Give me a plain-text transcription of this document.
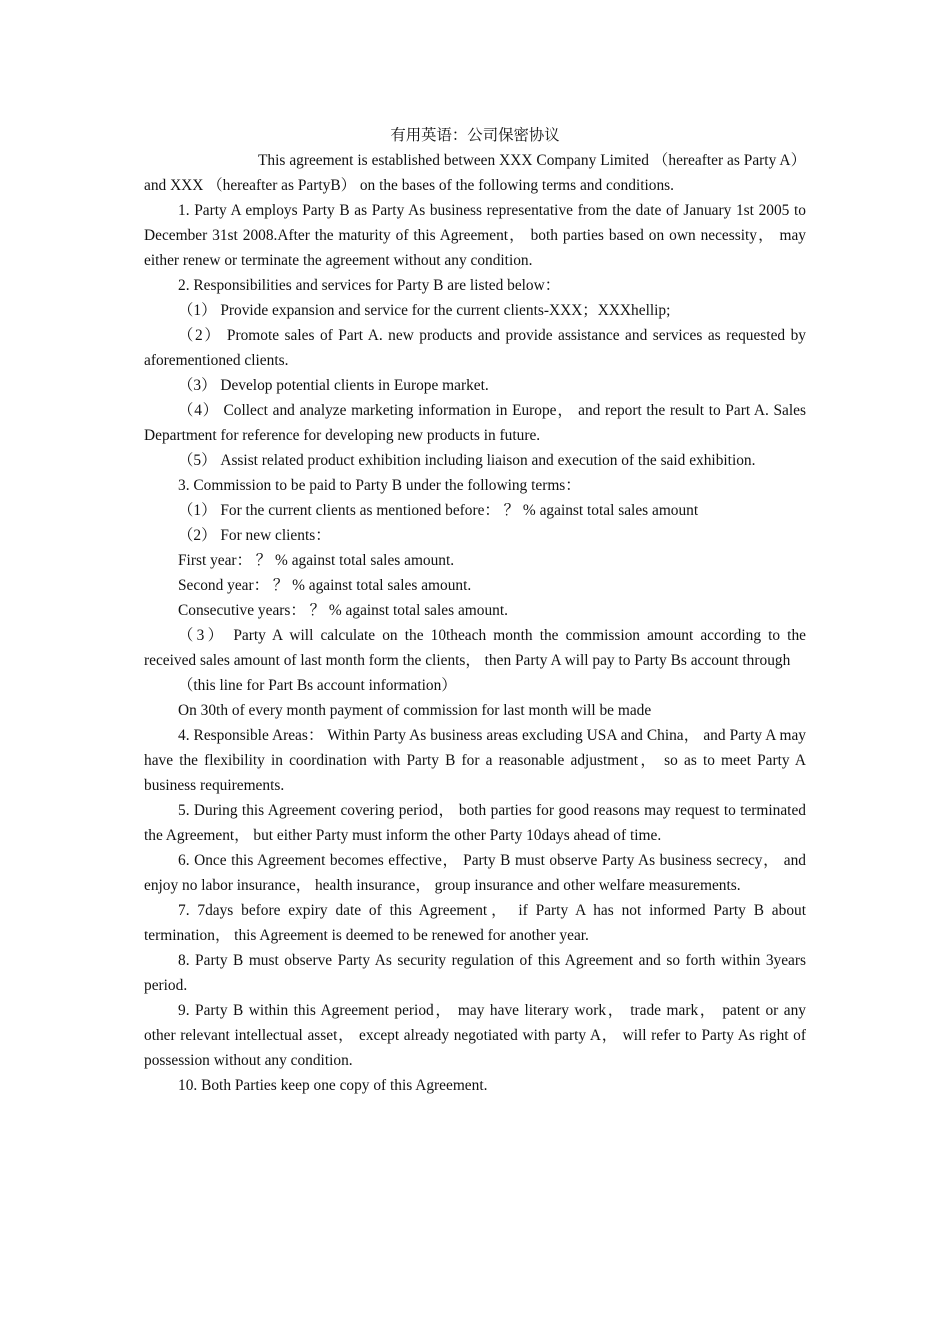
有用英语：公司保密协议

This agreement is established between XXX Company Limited （hereafter as Party A） and XXX （hereafter as PartyB） on the bases of the following terms and conditions.

1. Party A employs Party B as Party As business representative from the date of January 1st 2005 to December 31st 2008.After the maturity of this Agreement， both parties based on own necessity， may either renew or terminate the agreement without any condition.

2. Responsibilities and services for Party B are listed below：

（1） Provide expansion and service for the current clients-XXX；XXXhellip;

（2） Promote sales of Part A. new products and provide assistance and services as requested by aforementioned clients.

（3） Develop potential clients in Europe market.

（4） Collect and analyze marketing information in Europe， and report the result to Part A. Sales Department for reference for developing new products in future.

（5） Assist related product exhibition including liaison and execution of the said exhibition.

3. Commission to be paid to Party B under the following terms：

（1） For the current clients as mentioned before： ？ % against total sales amount

（2） For new clients：

First year： ？ % against total sales amount.

Second year： ？ % against total sales amount.

Consecutive years： ？ % against total sales amount.

（3） Party A will calculate on the 10theach month the commission amount according to the received sales amount of last month form the clients， then Party A will pay to Party Bs account through

（this line for Part Bs account information）

On 30th of every month payment of commission for last month will be made

4. Responsible Areas： Within Party As business areas excluding USA and China， and Party A may have the flexibility in coordination with Party B for a reasonable adjustment， so as to meet Party A business requirements.

5. During this Agreement covering period， both parties for good reasons may request to terminated the Agreement， but either Party must inform the other Party 10days ahead of time.

6. Once this Agreement becomes effective， Party B must observe Party As business secrecy， and enjoy no labor insurance， health insurance， group insurance and other welfare measurements.

7. 7days before expiry date of this Agreement， if Party A has not informed Party B about termination， this Agreement is deemed to be renewed for another year.

8. Party B must observe Party As security regulation of this Agreement and so forth within 3years period.

9. Party B within this Agreement period， may have literary work， trade mark， patent or any other relevant intellectual asset， except already negotiated with party A， will refer to Party As right of possession without any condition.

10. Both Parties keep one copy of this Agreement.
